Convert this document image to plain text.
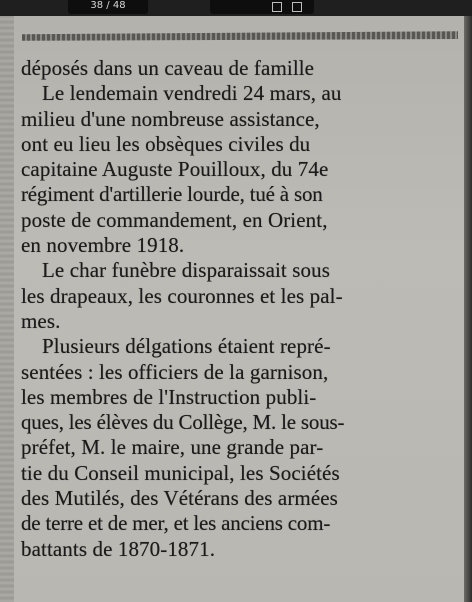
38 / 48
déposés dans un caveau de famille
Le lendemain vendredi 24 mars, au
milieu d'une nombreuse assistance,
ont eu lieu les obsèques civiles du
capitaine Auguste Pouilloux, du 74e
régiment d'artillerie lourde, tué à son
poste de commandement, en Orient,
en novembre 1918.
Le char funèbre disparaissait sous
les drapeaux, les couronnes et les pal-
mes.
Plusieurs délgations étaient repré-
sentées : les officiers de la garnison,
les membres de l'Instruction publi-
ques, les élèves du Collège, M. le sous-
préfet, M. le maire, une grande par-
tie du Conseil municipal, les Sociétés
des Mutilés, des Vétérans des armées
de terre et de mer, et les anciens com-
battants de 1870-1871.
